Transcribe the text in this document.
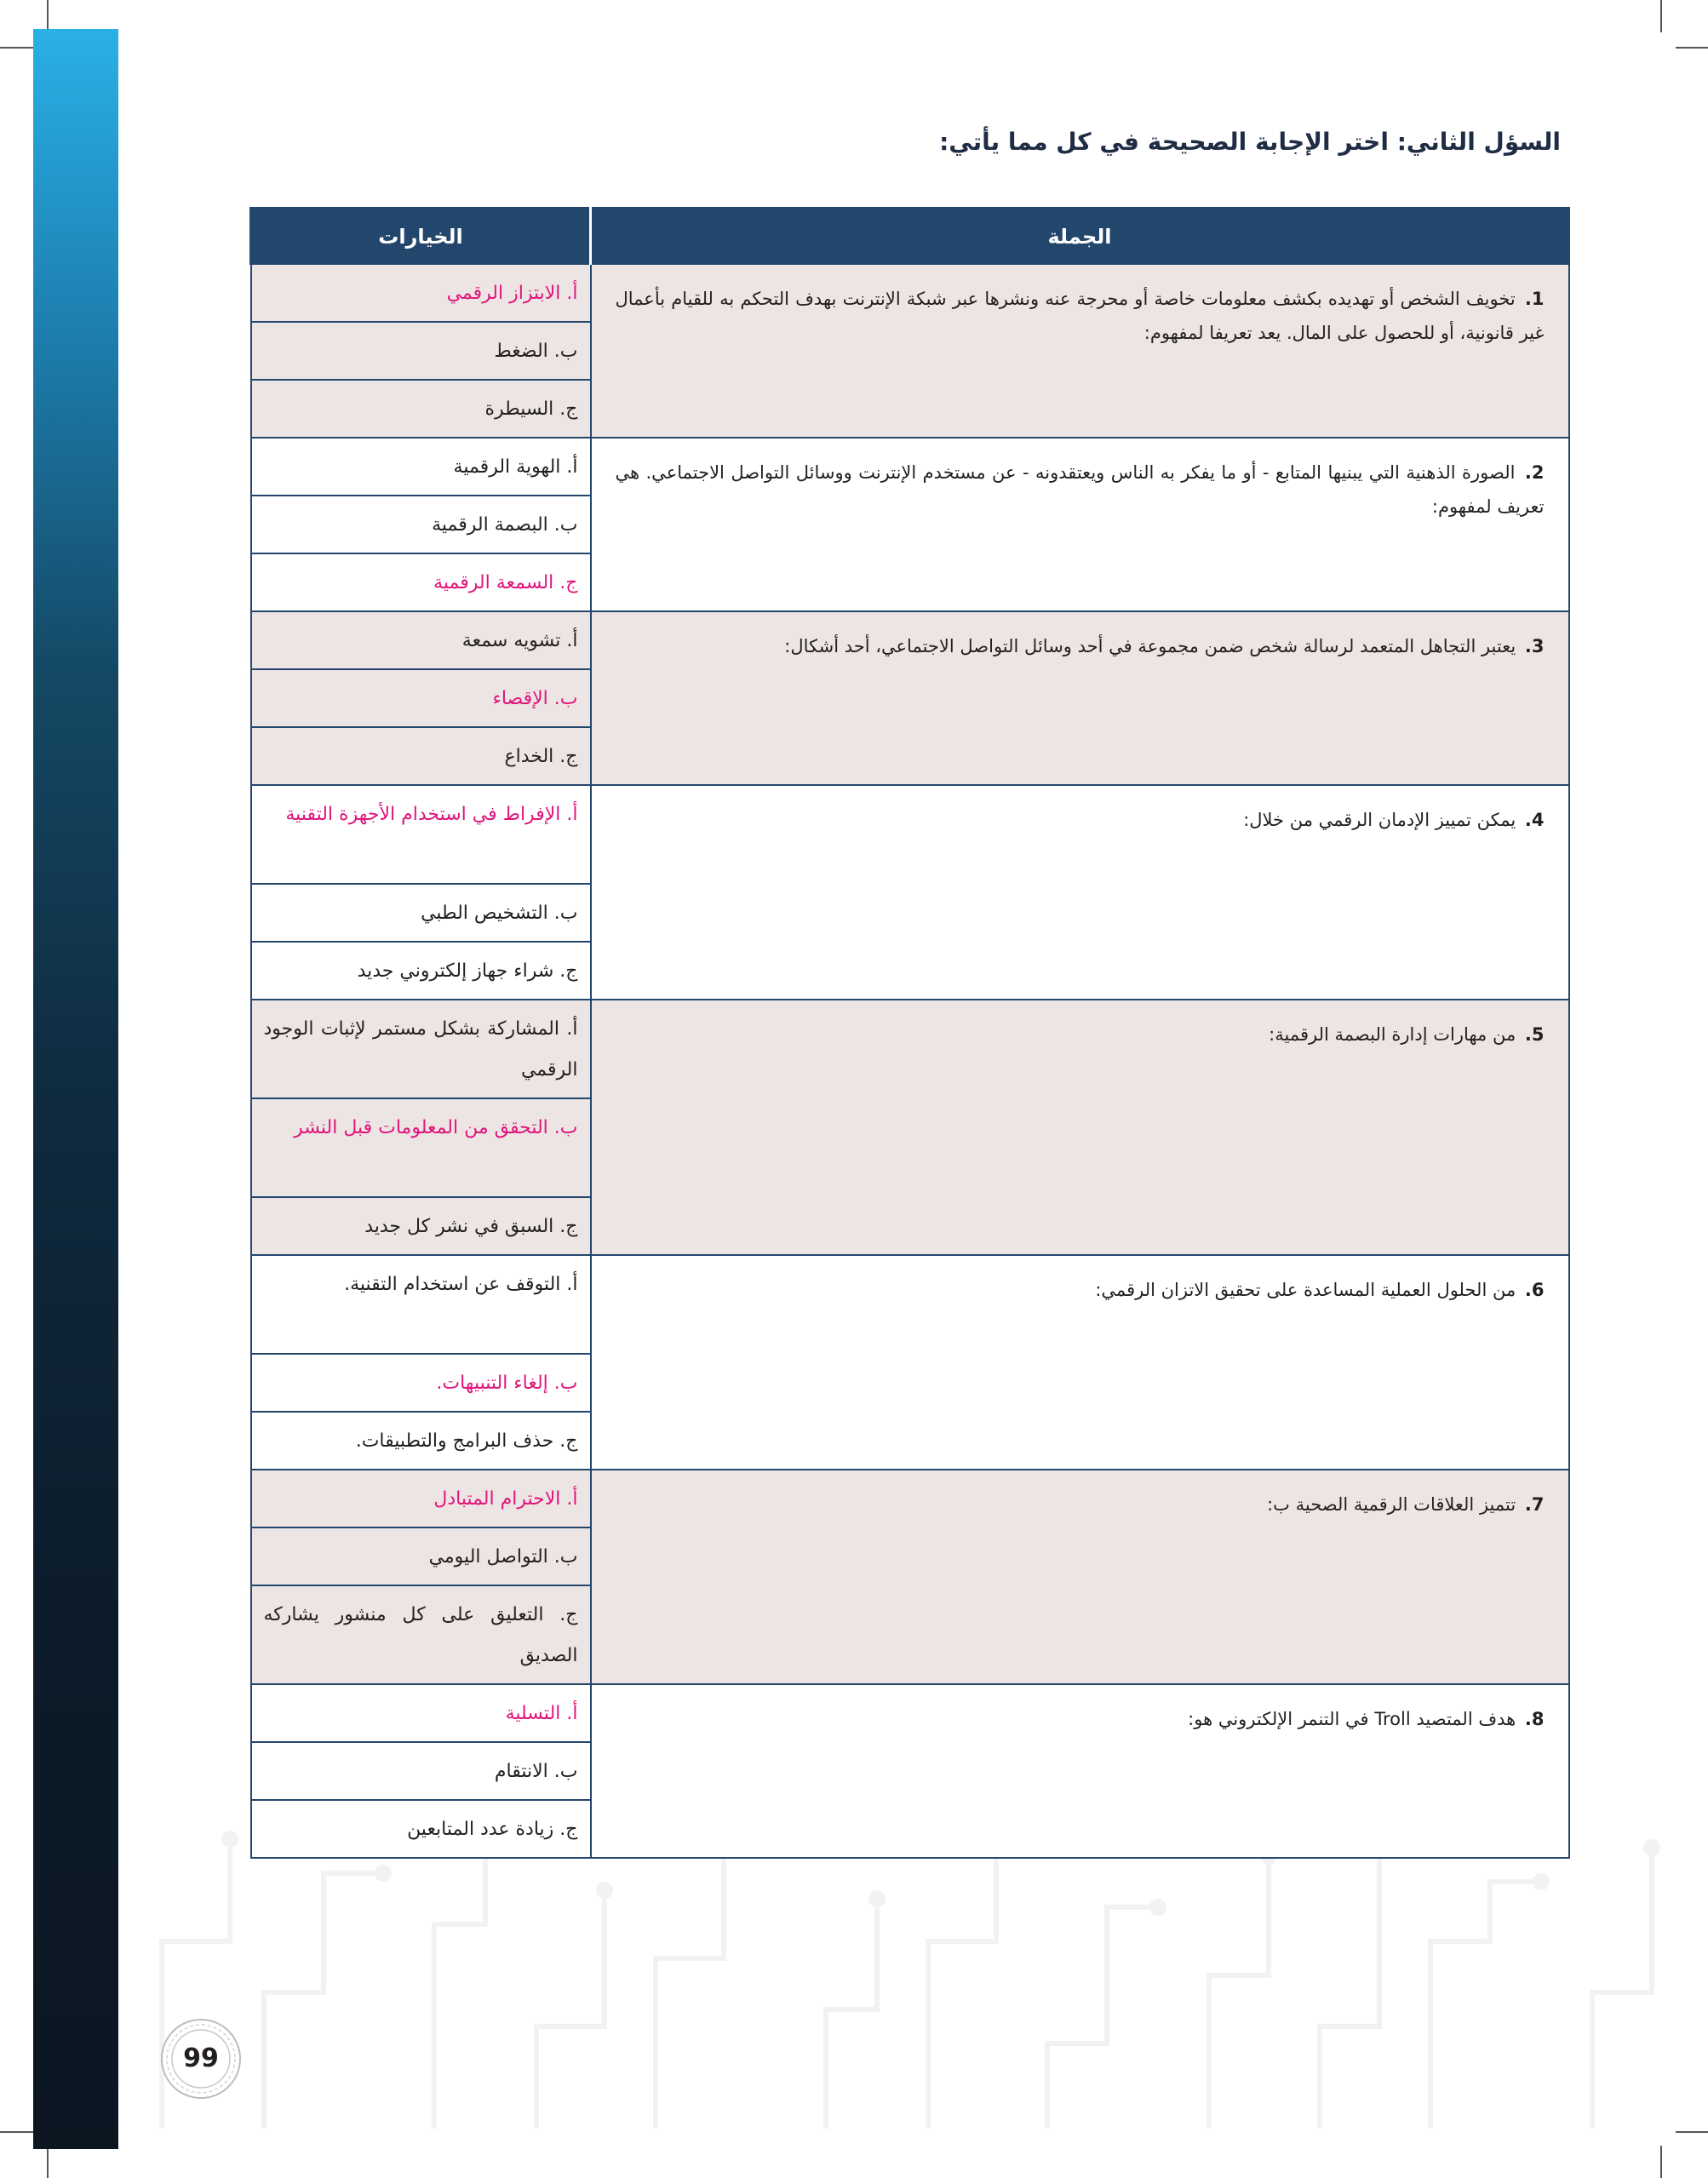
السؤل الثاني: اختر الإجابة الصحيحة في كل مما يأتي:
الجملة	الخيارات
1. تخويف الشخص أو تهديده بكشف معلومات خاصة أو محرجة عنه ونشرها عبر شبكة الإنترنت بهدف التحكم به للقيام بأعمال غير قانونية، أو للحصول على المال. يعد تعريفا لمفهوم:	أ. الابتزاز الرقمي
	ب. الضغط
	ج. السيطرة
2. الصورة الذهنية التي يبنيها المتابع - أو ما يفكر به الناس ويعتقدونه - عن مستخدم الإنترنت ووسائل التواصل الاجتماعي. هي تعريف لمفهوم:	أ. الهوية الرقمية
	ب. البصمة الرقمية
	ج. السمعة الرقمية
3. يعتبر التجاهل المتعمد لرسالة شخص ضمن مجموعة في أحد وسائل التواصل الاجتماعي، أحد أشكال:	أ. تشويه سمعة
	ب. الإقصاء
	ج. الخداع
4. يمكن تمييز الإدمان الرقمي من خلال:	أ. الإفراط في استخدام الأجهزة التقنية
	ب. التشخيص الطبي
	ج. شراء جهاز إلكتروني جديد
5. من مهارات إدارة البصمة الرقمية:	أ. المشاركة بشكل مستمر لإثبات الوجود الرقمي
	ب. التحقق من المعلومات قبل النشر
	ج. السبق في نشر كل جديد
6. من الحلول العملية المساعدة على تحقيق الاتزان الرقمي:	أ. التوقف عن استخدام التقنية.
	ب. إلغاء التنبيهات.
	ج. حذف البرامج والتطبيقات.
7. تتميز العلاقات الرقمية الصحية ب:	أ. الاحترام المتبادل
	ب. التواصل اليومي
	ج. التعليق على كل منشور يشاركه الصديق
8. هدف المتصيد Troll في التنمر الإلكتروني هو:	أ. التسلية
	ب. الانتقام
	ج. زيادة عدد المتابعين
99
